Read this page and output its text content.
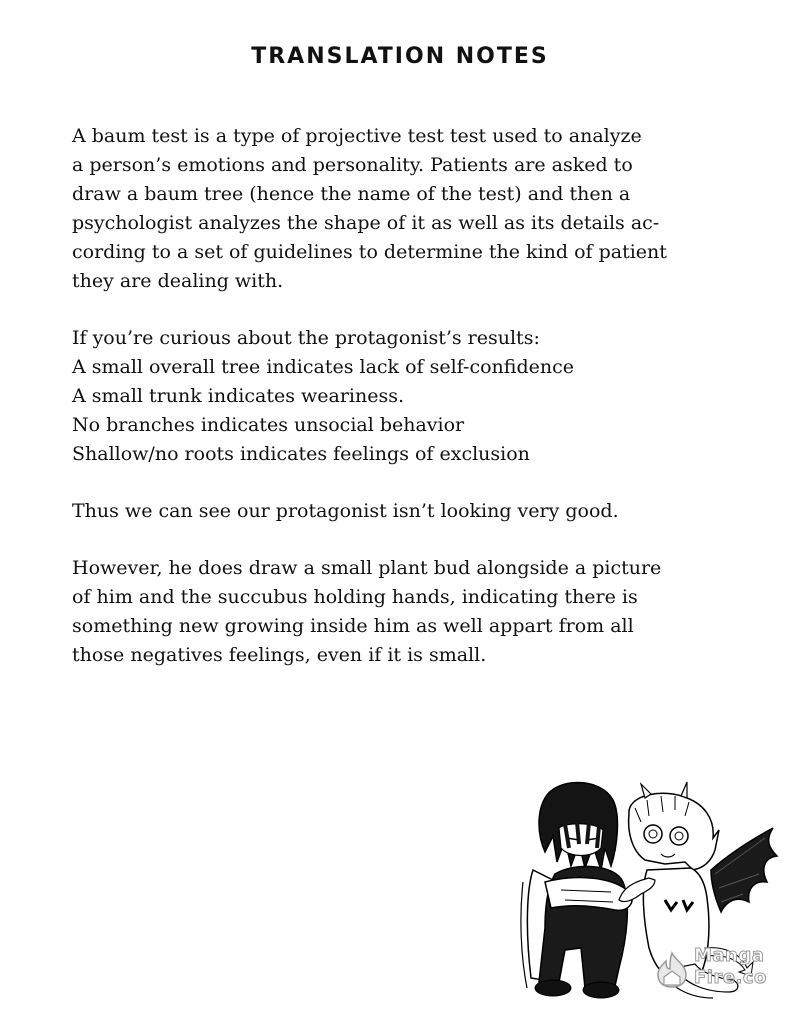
TRANSLATION NOTES

A baum test is a type of projective test test used to analyze
a person’s emotions and personality. Patients are asked to
draw a baum tree (hence the name of the test) and then a
psychologist analyzes the shape of it as well as its details ac-
cording to a set of guidelines to determine the kind of patient
they are dealing with.

If you’re curious about the protagonist’s results:
A small overall tree indicates lack of self-confidence
A small trunk indicates weariness.
No branches indicates unsocial behavior
Shallow/no roots indicates feelings of exclusion

Thus we can see our protagonist isn’t looking very good.

However, he does draw a small plant bud alongside a picture
of him and the succubus holding hands, indicating there is
something new growing inside him as well appart from all
those negatives feelings, even if it is small.

Manga
Fire.co
